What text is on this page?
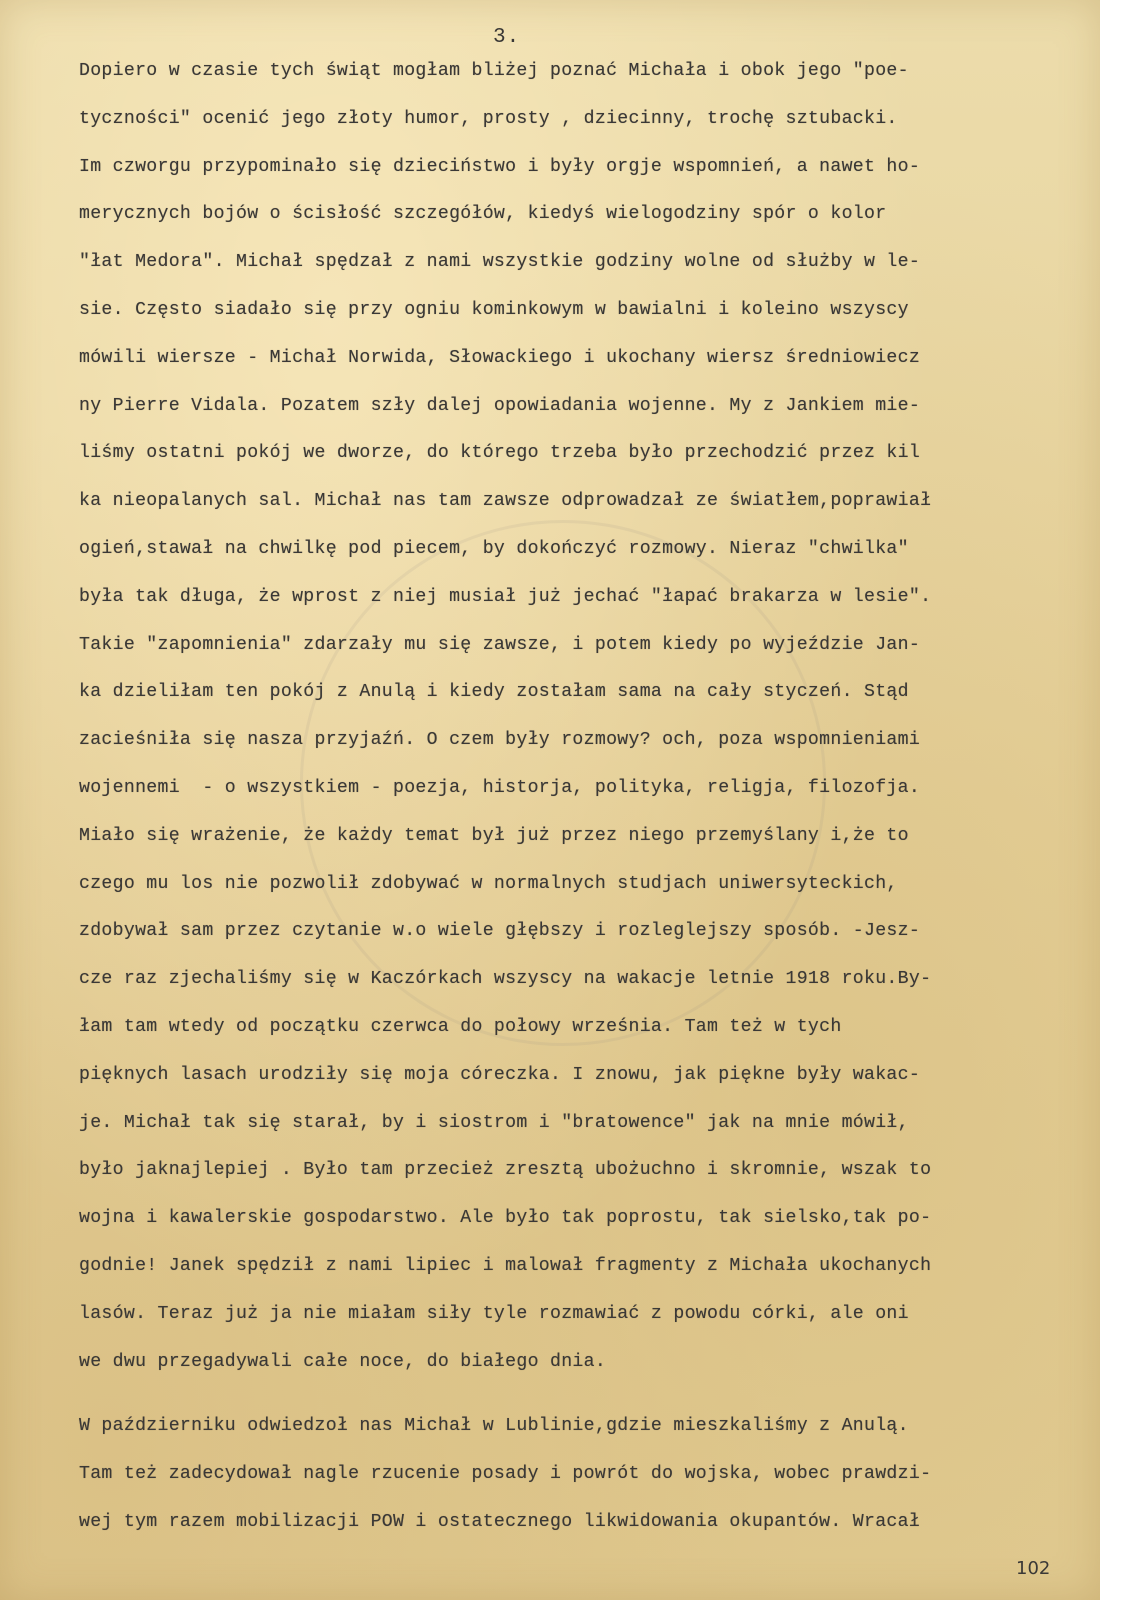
3.
Dopiero w czasie tych świąt mogłam bliżej poznać Michała i obok jego "poe-
tyczności" ocenić jego złoty humor, prosty , dziecinny, trochę sztubacki.
Im czworgu przypominało się dzieciństwo i były orgje wspomnień, a nawet ho-
merycznych bojów o ścisłość szczegółów, kiedyś wielogodziny spór o kolor
"łat Medora". Michał spędzał z nami wszystkie godziny wolne od służby w le-
sie. Często siadało się przy ogniu kominkowym w bawialni i koleino wszyscy
mówili wiersze - Michał Norwida, Słowackiego i ukochany wiersz średniowiecz
ny Pierre Vidala. Pozatem szły dalej opowiadania wojenne. My z Jankiem mie-
liśmy ostatni pokój we dworze, do którego trzeba było przechodzić przez kil
ka nieopalanych sal. Michał nas tam zawsze odprowadzał ze światłem,poprawiał
ogień,stawał na chwilkę pod piecem, by dokończyć rozmowy. Nieraz "chwilka"
była tak długa, że wprost z niej musiał już jechać "łapać brakarza w lesie".
Takie "zapomnienia" zdarzały mu się zawsze, i potem kiedy po wyjeździe Jan-
ka dzieliłam ten pokój z Anulą i kiedy zostałam sama na cały styczeń. Stąd
zacieśniła się nasza przyjaźń. O czem były rozmowy? och, poza wspomnieniami
wojennemi  - o wszystkiem - poezja, historja, polityka, religja, filozofja.
Miało się wrażenie, że każdy temat był już przez niego przemyślany i,że to
czego mu los nie pozwolił zdobywać w normalnych studjach uniwersyteckich,
zdobywał sam przez czytanie w.o wiele głębszy i rozleglejszy sposób. -Jesz-
cze raz zjechaliśmy się w Kaczórkach wszyscy na wakacje letnie 1918 roku.By-
łam tam wtedy od początku czerwca do połowy września. Tam też w tych
pięknych lasach urodziły się moja córeczka. I znowu, jak piękne były wakac-
je. Michał tak się starał, by i siostrom i "bratowence" jak na mnie mówił,
było jaknajlepiej . Było tam przecież zresztą ubożuchno i skromnie, wszak to
wojna i kawalerskie gospodarstwo. Ale było tak poprostu, tak sielsko,tak po-
godnie! Janek spędził z nami lipiec i malował fragmenty z Michała ukochanych
lasów. Teraz już ja nie miałam siły tyle rozmawiać z powodu córki, ale oni
we dwu przegadywali całe noce, do białego dnia.
W październiku odwiedzoł nas Michał w Lublinie,gdzie mieszkaliśmy z Anulą.
Tam też zadecydował nagle rzucenie posady i powrót do wojska, wobec prawdzi-
wej tym razem mobilizacji POW i ostatecznego likwidowania okupantów. Wracał
102
